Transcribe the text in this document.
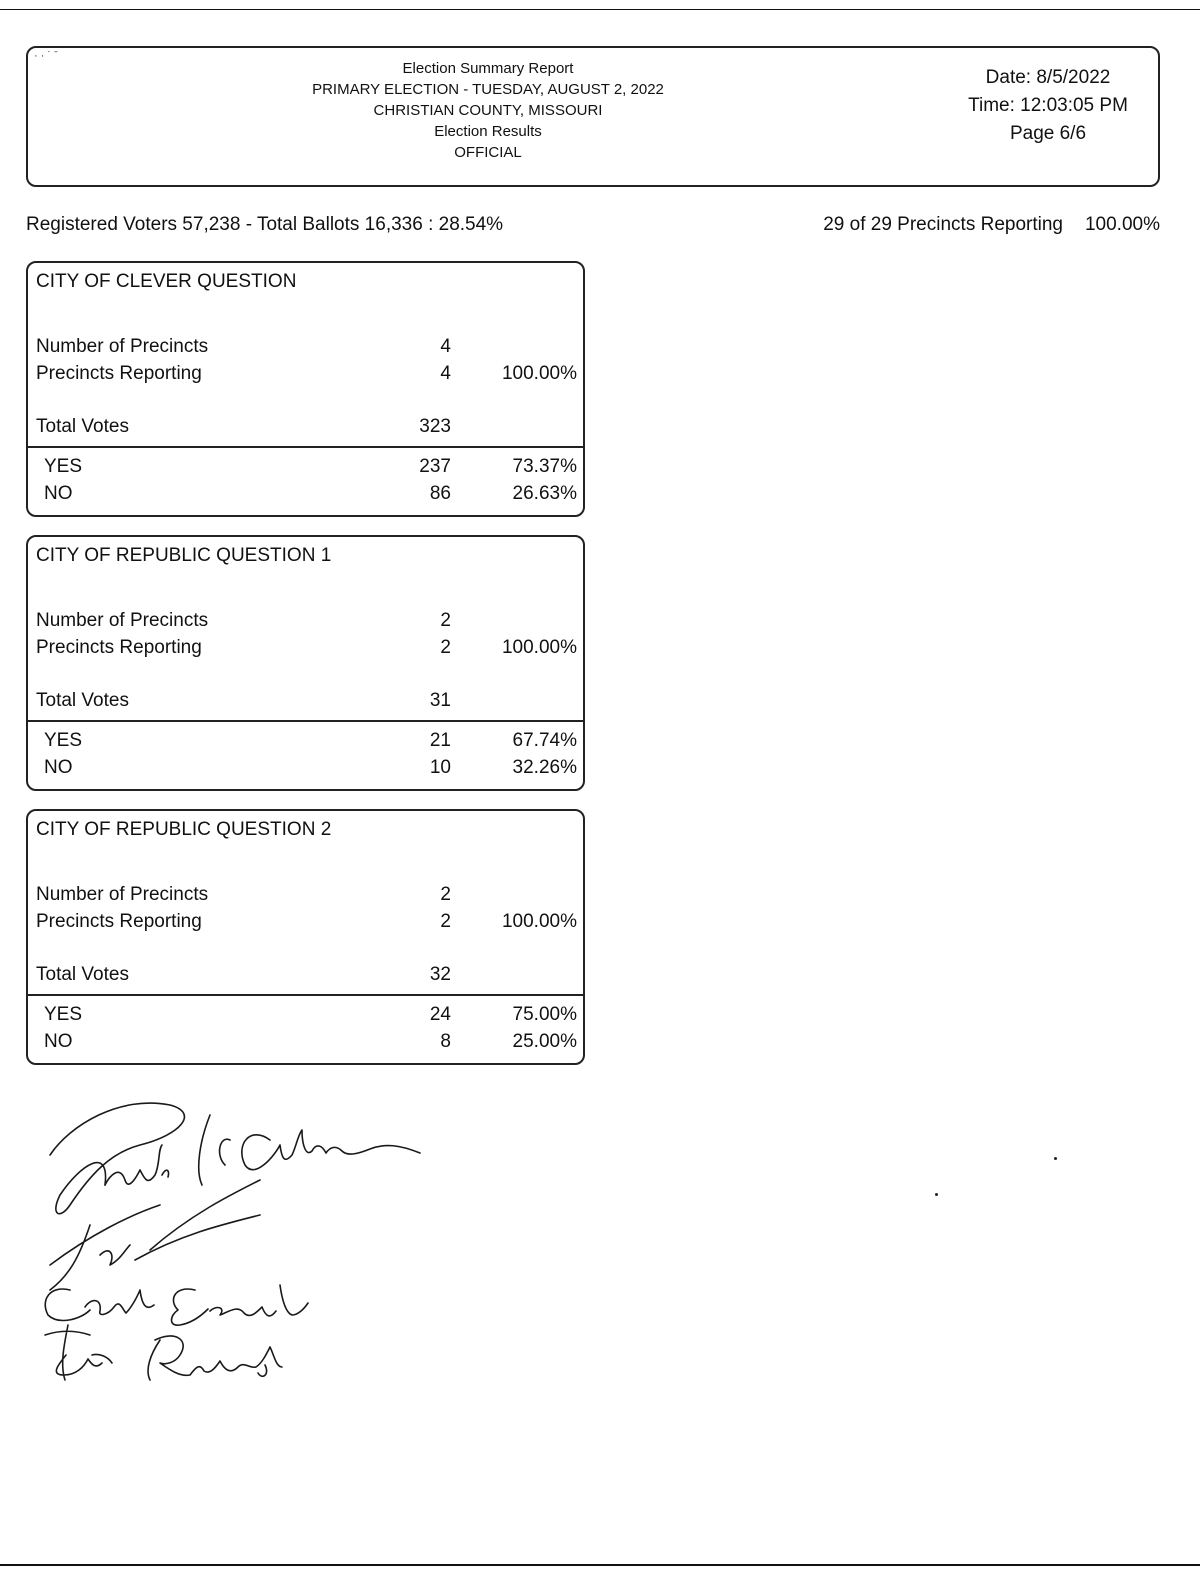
· · ˙ ˉ
Election Summary Report
PRIMARY ELECTION - TUESDAY, AUGUST 2, 2022
CHRISTIAN COUNTY, MISSOURI
Election Results
OFFICIAL
Date: 8/5/2022
Time: 12:03:05 PM
Page 6/6
Registered Voters 57,238 - Total Ballots 16,336 : 28.54%	29 of 29 Precincts Reporting 100.00%
CITY OF CLEVER QUESTION
Number of Precincts	4
Precincts Reporting	4	100.00%
Total Votes	323
YES	237	73.37%
NO	86	26.63%
CITY OF REPUBLIC QUESTION 1
Number of Precincts	2
Precincts Reporting	2	100.00%
Total Votes	31
YES	21	67.74%
NO	10	32.26%
CITY OF REPUBLIC QUESTION 2
Number of Precincts	2
Precincts Reporting	2	100.00%
Total Votes	32
YES	24	75.00%
NO	8	25.00%
